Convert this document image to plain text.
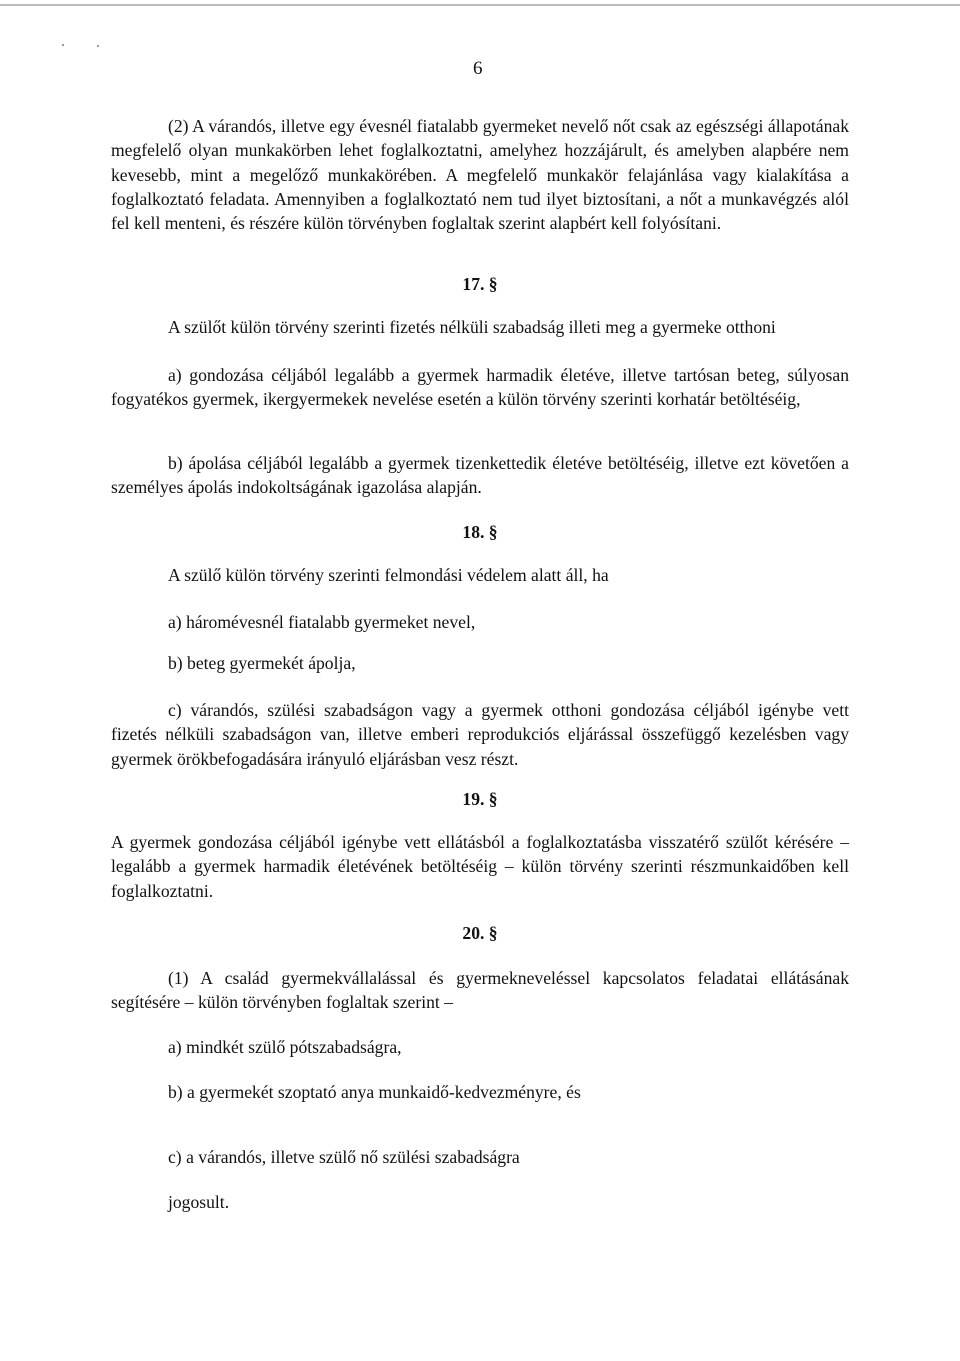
6

(2) A várandós, illetve egy évesnél fiatalabb gyermeket nevelő nőt csak az egészségi állapotának megfelelő olyan munkakörben lehet foglalkoztatni, amelyhez hozzájárult, és amelyben alapbére nem kevesebb, mint a megelőző munkakörében. A megfelelő munkakör felajánlása vagy kialakítása a foglalkoztató feladata. Amennyiben a foglalkoztató nem tud ilyet biztosítani, a nőt a munkavégzés alól fel kell menteni, és részére külön törvényben foglaltak szerint alapbért kell folyósítani.

17. §

A szülőt külön törvény szerinti fizetés nélküli szabadság illeti meg a gyermeke otthoni

a) gondozása céljából legalább a gyermek harmadik életéve, illetve tartósan beteg, súlyosan fogyatékos gyermek, ikergyermekek nevelése esetén a külön törvény szerinti korhatár betöltéséig,

b) ápolása céljából legalább a gyermek tizenkettedik életéve betöltéséig, illetve ezt követően a személyes ápolás indokoltságának igazolása alapján.

18. §

A szülő külön törvény szerinti felmondási védelem alatt áll, ha

a) háromévesnél fiatalabb gyermeket nevel,

b) beteg gyermekét ápolja,

c) várandós, szülési szabadságon vagy a gyermek otthoni gondozása céljából igénybe vett fizetés nélküli szabadságon van, illetve emberi reprodukciós eljárással összefüggő kezelésben vagy gyermek örökbefogadására irányuló eljárásban vesz részt.

19. §

A gyermek gondozása céljából igénybe vett ellátásból a foglalkoztatásba visszatérő szülőt kérésére – legalább a gyermek harmadik életévének betöltéséig – külön törvény szerinti részmunkaidőben kell foglalkoztatni.

20. §

(1) A család gyermekvállalással és gyermekneveléssel kapcsolatos feladatai ellátásának segítésére – külön törvényben foglaltak szerint –

a) mindkét szülő pótszabadságra,

b) a gyermekét szoptató anya munkaidő-kedvezményre, és

c) a várandós, illetve szülő nő szülési szabadságra

jogosult.
